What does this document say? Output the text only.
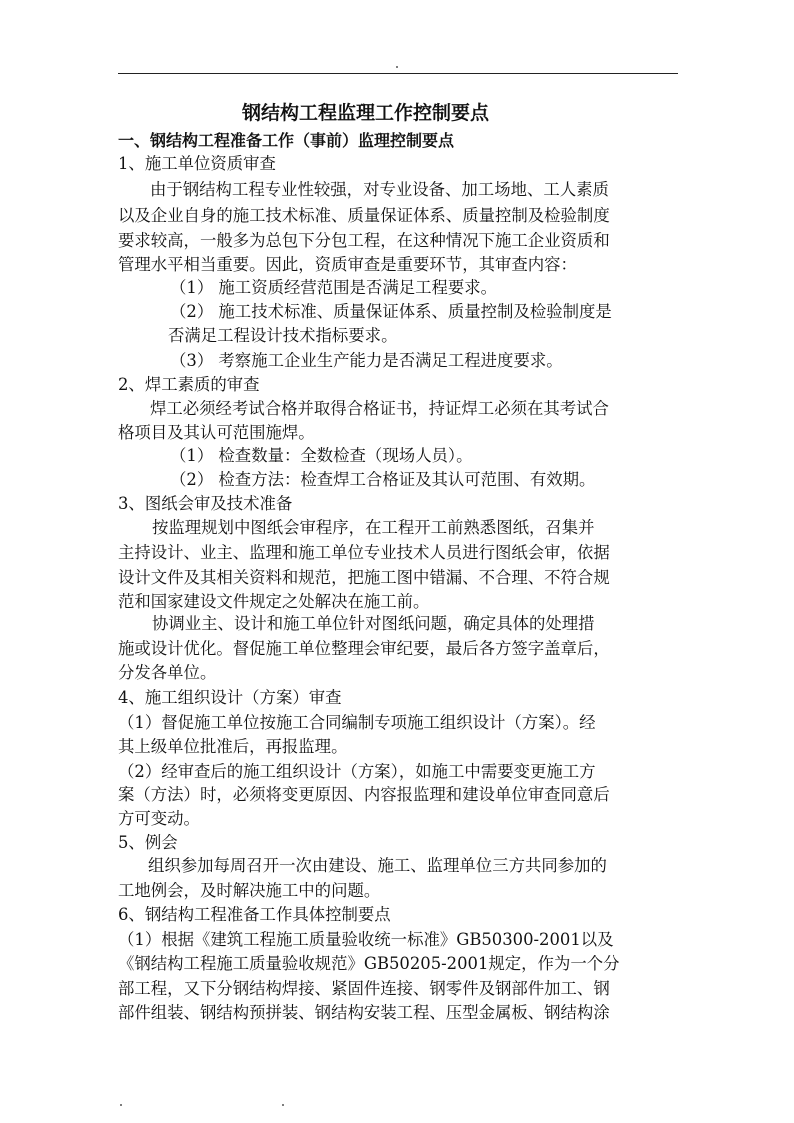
钢结构工程监理工作控制要点
一、钢结构工程准备工作（事前）监理控制要点
1、施工单位资质审查
由于钢结构工程专业性较强，对专业设备、加工场地、工人素质
以及企业自身的施工技术标准、质量保证体系、质量控制及检验制度
要求较高，一般多为总包下分包工程，在这种情况下施工企业资质和
管理水平相当重要。因此，资质审查是重要环节，其审查内容：
（1） 施工资质经营范围是否满足工程要求。
（2） 施工技术标准、质量保证体系、质量控制及检验制度是
否满足工程设计技术指标要求。
（3） 考察施工企业生产能力是否满足工程进度要求。
2、焊工素质的审查
焊工必须经考试合格并取得合格证书，持证焊工必须在其考试合
格项目及其认可范围施焊。
（1） 检查数量：全数检查（现场人员）。
（2） 检查方法：检查焊工合格证及其认可范围、有效期。
3、图纸会审及技术准备
按监理规划中图纸会审程序，在工程开工前熟悉图纸，召集并
主持设计、业主、监理和施工单位专业技术人员进行图纸会审，依据
设计文件及其相关资料和规范，把施工图中错漏、不合理、不符合规
范和国家建设文件规定之处解决在施工前。
协调业主、设计和施工单位针对图纸问题，确定具体的处理措
施或设计优化。督促施工单位整理会审纪要，最后各方签字盖章后，
分发各单位。
4、施工组织设计（方案）审查
（1）督促施工单位按施工合同编制专项施工组织设计（方案）。经
其上级单位批准后，再报监理。
（2）经审查后的施工组织设计（方案），如施工中需要变更施工方
案（方法）时，必须将变更原因、内容报监理和建设单位审查同意后
方可变动。
5、例会
组织参加每周召开一次由建设、施工、监理单位三方共同参加的
工地例会，及时解决施工中的问题。
6、钢结构工程准备工作具体控制要点
（1）根据《建筑工程施工质量验收统一标准》GB50300-2001以及
《钢结构工程施工质量验收规范》GB50205-2001规定，作为一个分
部工程，又下分钢结构焊接、紧固件连接、钢零件及钢部件加工、钢
部件组装、钢结构预拼装、钢结构安装工程、压型金属板、钢结构涂
